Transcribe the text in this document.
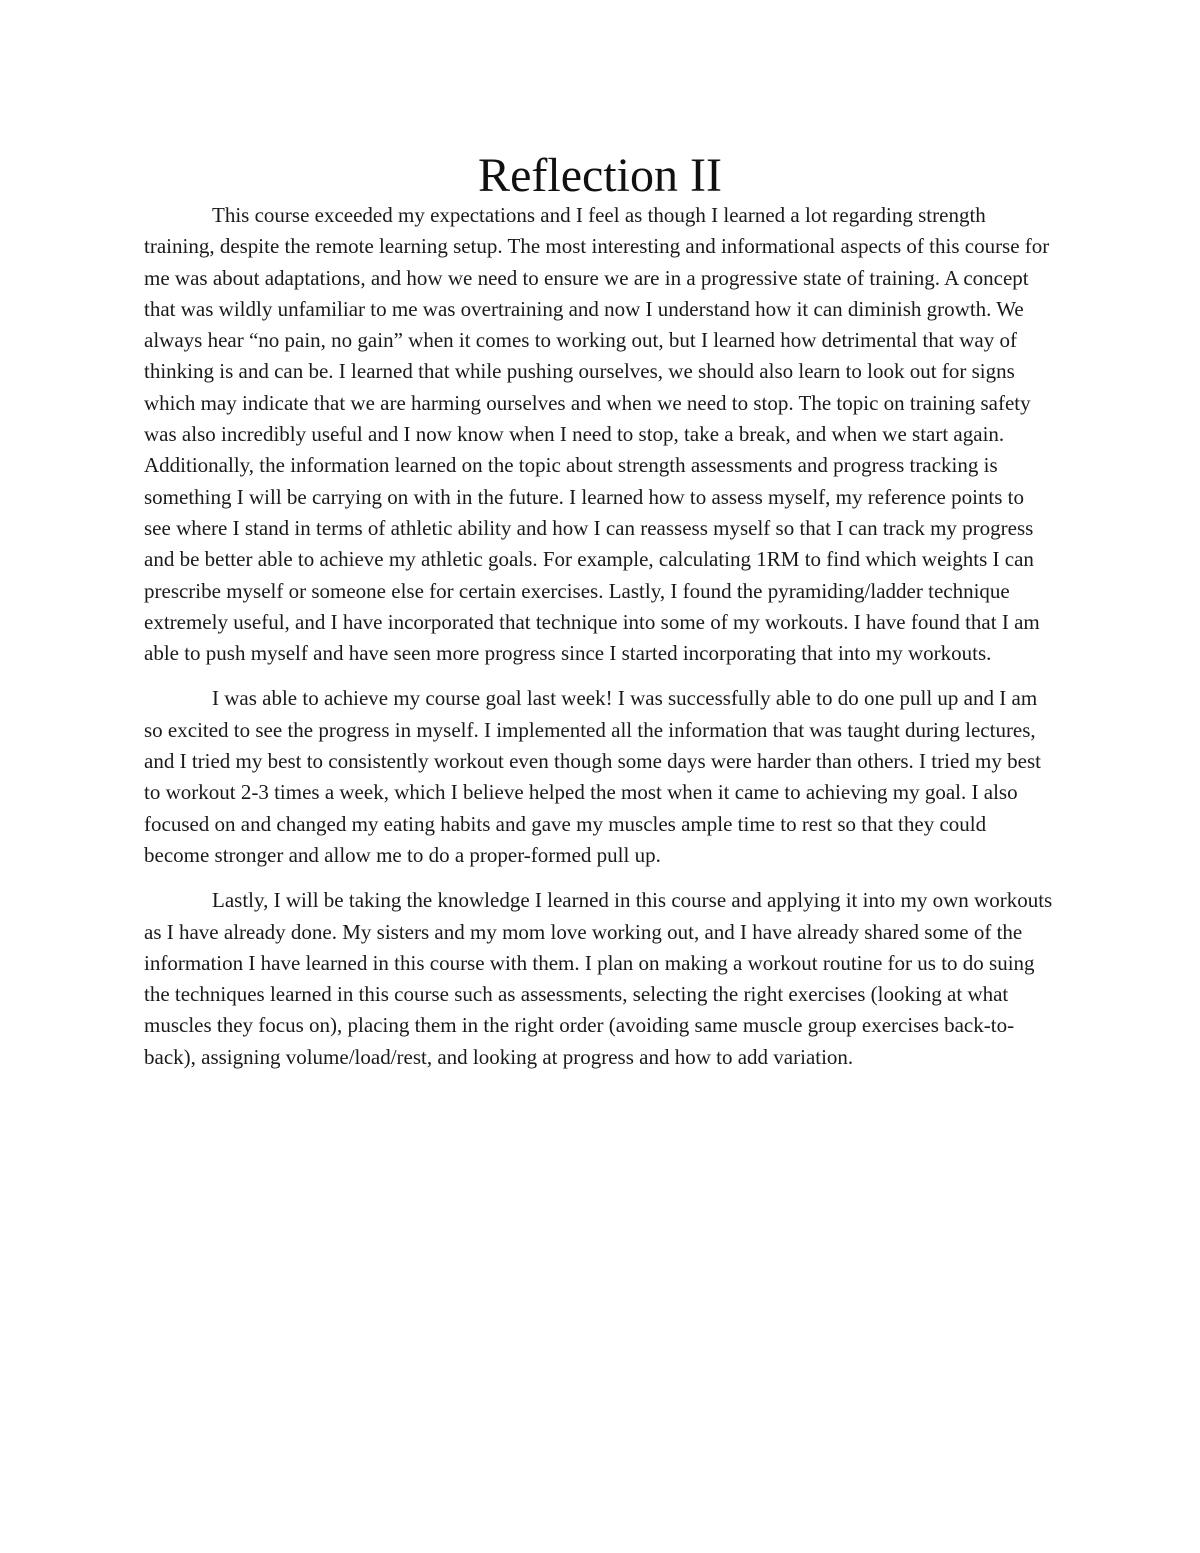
Reflection II

This course exceeded my expectations and I feel as though I learned a lot regarding strength training, despite the remote learning setup. The most interesting and informational aspects of this course for me was about adaptations, and how we need to ensure we are in a progressive state of training. A concept that was wildly unfamiliar to me was overtraining and now I understand how it can diminish growth. We always hear “no pain, no gain” when it comes to working out, but I learned how detrimental that way of thinking is and can be. I learned that while pushing ourselves, we should also learn to look out for signs which may indicate that we are harming ourselves and when we need to stop. The topic on training safety was also incredibly useful and I now know when I need to stop, take a break, and when we start again. Additionally, the information learned on the topic about strength assessments and progress tracking is something I will be carrying on with in the future. I learned how to assess myself, my reference points to see where I stand in terms of athletic ability and how I can reassess myself so that I can track my progress and be better able to achieve my athletic goals. For example, calculating 1RM to find which weights I can prescribe myself or someone else for certain exercises. Lastly, I found the pyramiding/ladder technique extremely useful, and I have incorporated that technique into some of my workouts. I have found that I am able to push myself and have seen more progress since I started incorporating that into my workouts.

I was able to achieve my course goal last week! I was successfully able to do one pull up and I am so excited to see the progress in myself. I implemented all the information that was taught during lectures, and I tried my best to consistently workout even though some days were harder than others. I tried my best to workout 2-3 times a week, which I believe helped the most when it came to achieving my goal. I also focused on and changed my eating habits and gave my muscles ample time to rest so that they could become stronger and allow me to do a proper-formed pull up.

Lastly, I will be taking the knowledge I learned in this course and applying it into my own workouts as I have already done. My sisters and my mom love working out, and I have already shared some of the information I have learned in this course with them. I plan on making a workout routine for us to do suing the techniques learned in this course such as assessments, selecting the right exercises (looking at what muscles they focus on), placing them in the right order (avoiding same muscle group exercises back-to-back), assigning volume/load/rest, and looking at progress and how to add variation.
